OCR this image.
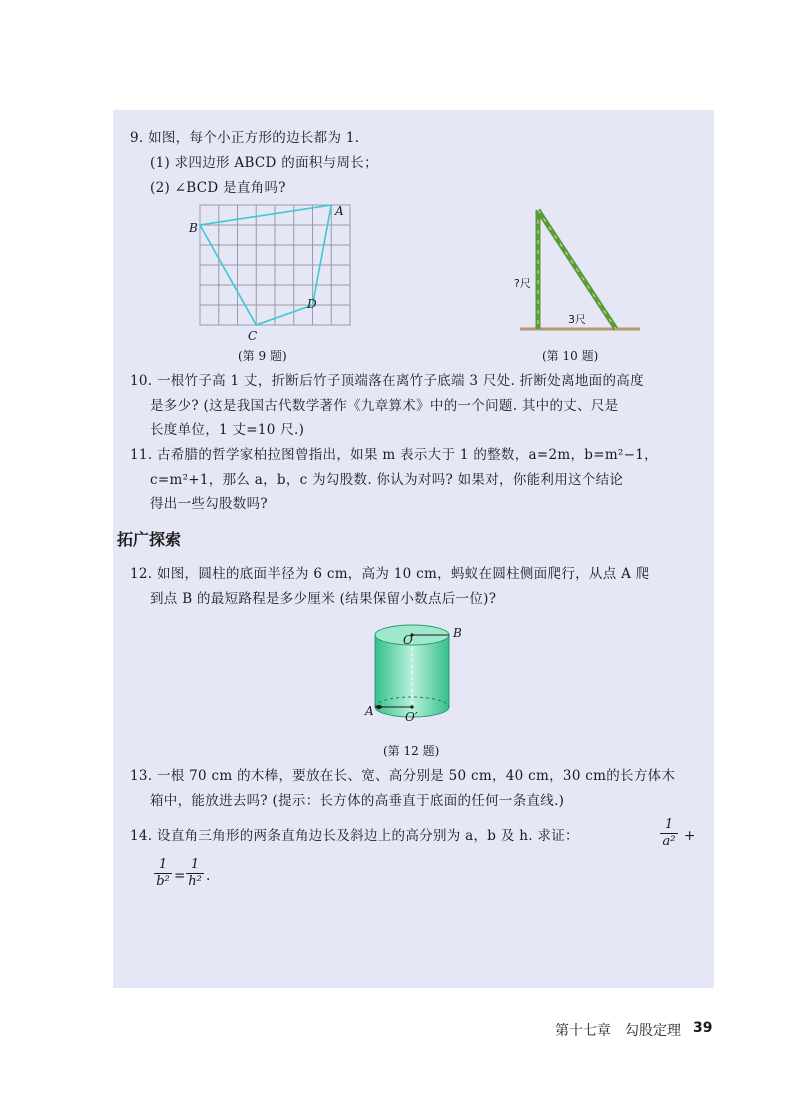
9. 如图，每个小正方形的边长都为 1.
(1) 求四边形 ABCD 的面积与周长；
(2) ∠BCD 是直角吗?
A
B
C
D
(第 9 题)
?尺
3尺
(第 10 题)
10. 一根竹子高 1 丈，折断后竹子顶端落在离竹子底端 3 尺处. 折断处离地面的高度
是多少? (这是我国古代数学著作《九章算术》中的一个问题. 其中的丈、尺是
长度单位，1 丈=10 尺.)
11. 古希腊的哲学家柏拉图曾指出，如果 m 表示大于 1 的整数，a=2m，b=m²−1，
c=m²+1，那么 a，b，c 为勾股数. 你认为对吗? 如果对，你能利用这个结论
得出一些勾股数吗?
拓广探索
12. 如图，圆柱的底面半径为 6 cm，高为 10 cm，蚂蚁在圆柱侧面爬行，从点 A 爬
到点 B 的最短路程是多少厘米 (结果保留小数点后一位)?
O
O′
A
B
(第 12 题)
13. 一根 70 cm 的木棒，要放在长、宽、高分别是 50 cm，40 cm，30 cm的长方体木
箱中，能放进去吗? (提示：长方体的高垂直于底面的任何一条直线.)
14. 设直角三角形的两条直角边长及斜边上的高分别为 a，b 及 h. 求证：
1
a² +
1
b² =
1
h² .
第十七章 勾股定理 39
